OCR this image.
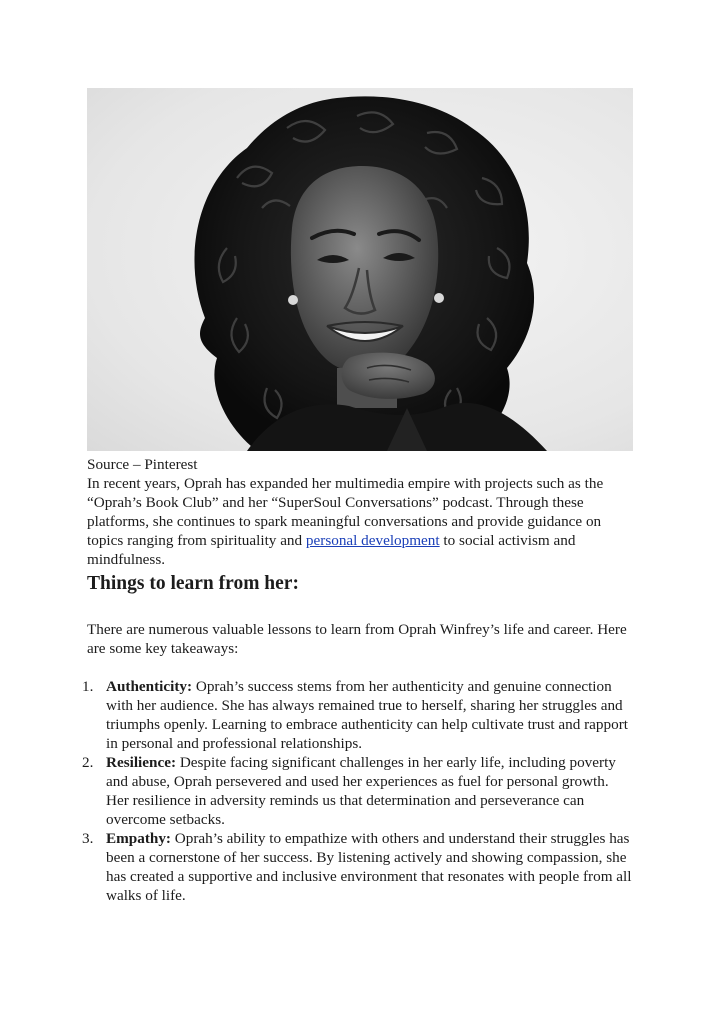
Source – Pinterest
In recent years, Oprah has expanded her multimedia empire with projects such as the “Oprah’s Book Club” and her “SuperSoul Conversations” podcast. Through these platforms, she continues to spark meaningful conversations and provide guidance on topics ranging from spirituality and personal development to social activism and mindfulness.
Things to learn from her:
There are numerous valuable lessons to learn from Oprah Winfrey’s life and career. Here are some key takeaways:
1. Authenticity: Oprah’s success stems from her authenticity and genuine connection with her audience. She has always remained true to herself, sharing her struggles and triumphs openly. Learning to embrace authenticity can help cultivate trust and rapport in personal and professional relationships.
2. Resilience: Despite facing significant challenges in her early life, including poverty and abuse, Oprah persevered and used her experiences as fuel for personal growth. Her resilience in adversity reminds us that determination and perseverance can overcome setbacks.
3. Empathy: Oprah’s ability to empathize with others and understand their struggles has been a cornerstone of her success. By listening actively and showing compassion, she has created a supportive and inclusive environment that resonates with people from all walks of life.
